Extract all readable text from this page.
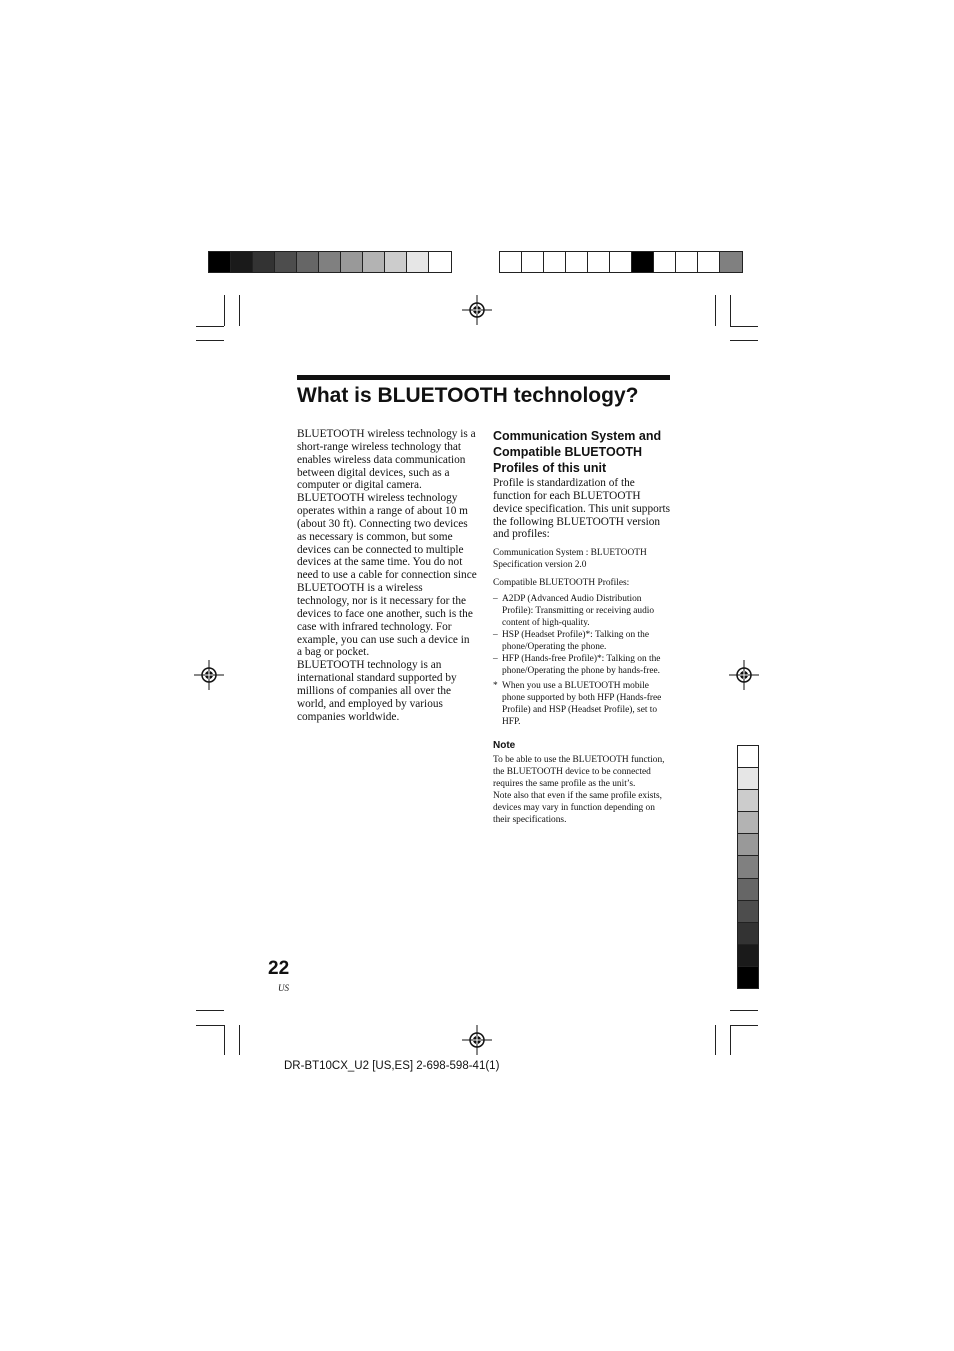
What is BLUETOOTH technology?

BLUETOOTH wireless technology is a short-range wireless technology that enables wireless data communication between digital devices, such as a computer or digital camera. BLUETOOTH wireless technology operates within a range of about 10 m (about 30 ft). Connecting two devices as necessary is common, but some devices can be connected to multiple devices at the same time. You do not need to use a cable for connection since BLUETOOTH is a wireless technology, nor is it necessary for the devices to face one another, such is the case with infrared technology. For example, you can use such a device in a bag or pocket.

BLUETOOTH technology is an international standard supported by millions of companies all over the world, and employed by various companies worldwide.

Communication System and Compatible BLUETOOTH Profiles of this unit

Profile is standardization of the function for each BLUETOOTH device specification. This unit supports the following BLUETOOTH version and profiles:

Communication System : BLUETOOTH Specification version 2.0

Compatible BLUETOOTH Profiles:

– A2DP (Advanced Audio Distribution Profile): Transmitting or receiving audio content of high-quality.
– HSP (Headset Profile)*: Talking on the phone/Operating the phone.
– HFP (Hands-free Profile)*: Talking on the phone/Operating the phone by hands-free.
* When you use a BLUETOOTH mobile phone supported by both HFP (Hands-free Profile) and HSP (Headset Profile), set to HFP.

Note

To be able to use the BLUETOOTH function, the BLUETOOTH device to be connected requires the same profile as the unit’s.

Note also that even if the same profile exists, devices may vary in function depending on their specifications.

22
US
DR-BT10CX_U2 [US,ES] 2-698-598-41(1)
